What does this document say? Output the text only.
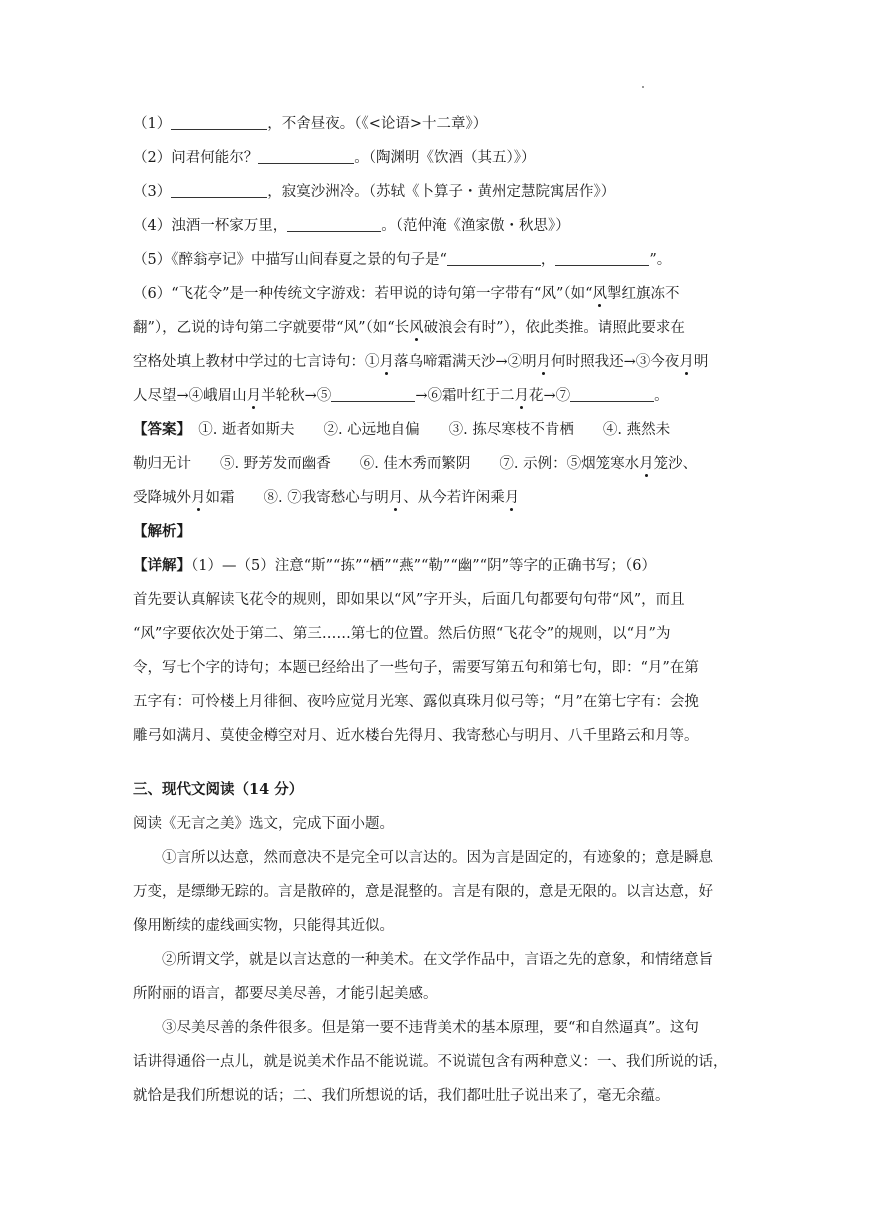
（1）	，不舍昼夜。（《<论语>十二章》）
（2）问君何能尔？	。（陶渊明《饮酒（其五）》）
（3）	，寂寞沙洲冷。（苏轼《卜算子・黄州定慧院寓居作》）
（4）浊酒一杯家万里，	。（范仲淹《渔家傲・秋思》）
（5）《醉翁亭记》中描写山间春夏之景的句子是“	，	”。
（6）“飞花令”是一种传统文字游戏：若甲说的诗句第一字带有“风”（如“风掣红旗冻不
翻”），乙说的诗句第二字就要带“风”（如“长风破浪会有时”），依此类推。请照此要求在
空格处填上教材中学过的七言诗句：①月落乌啼霜满天沙→②明月何时照我还→③今夜月明
人尽望→④峨眉山月半轮秋→⑤	→⑥霜叶红于二月花→⑦	。
【答案】　 ①. 逝者如斯夫　　②. 心远地自偏　　③. 拣尽寒枝不肯栖　　④. 燕然未
勒归无计　　⑤. 野芳发而幽香　　⑥. 佳木秀而繁阴　　⑦. 示例：⑤烟笼寒水月笼沙、
受降城外月如霜　　⑧. ⑦我寄愁心与明月、从今若许闲乘月
【解析】
【详解】（1）—（5）注意“斯”“拣”“栖”“燕”“勒”“幽”“阴”等字的正确书写；（6）
首先要认真解读飞花令的规则，即如果以“风”字开头，后面几句都要句句带“风”，而且
“风”字要依次处于第二、第三……第七的位置。然后仿照“飞花令”的规则，以“月”为
令，写七个字的诗句；本题已经给出了一些句子，需要写第五句和第七句，即：“月”在第
五字有：可怜楼上月徘徊、夜吟应觉月光寒、露似真珠月似弓等；“月”在第七字有：会挽
雕弓如满月、莫使金樽空对月、近水楼台先得月、我寄愁心与明月、八千里路云和月等。
三、现代文阅读（14 分）
阅读《无言之美》选文，完成下面小题。
①言所以达意，然而意决不是完全可以言达的。因为言是固定的，有迹象的；意是瞬息
万变，是缥缈无踪的。言是散碎的，意是混整的。言是有限的，意是无限的。以言达意，好
像用断续的虚线画实物，只能得其近似。
②所谓文学，就是以言达意的一种美术。在文学作品中，言语之先的意象，和情绪意旨
所附丽的语言，都要尽美尽善，才能引起美感。
③尽美尽善的条件很多。但是第一要不违背美术的基本原理，要“和自然逼真”。这句
话讲得通俗一点儿，就是说美术作品不能说谎。不说谎包含有两种意义：一、我们所说的话，
就恰是我们所想说的话；二、我们所想说的话，我们都吐肚子说出来了，毫无余蕴。
